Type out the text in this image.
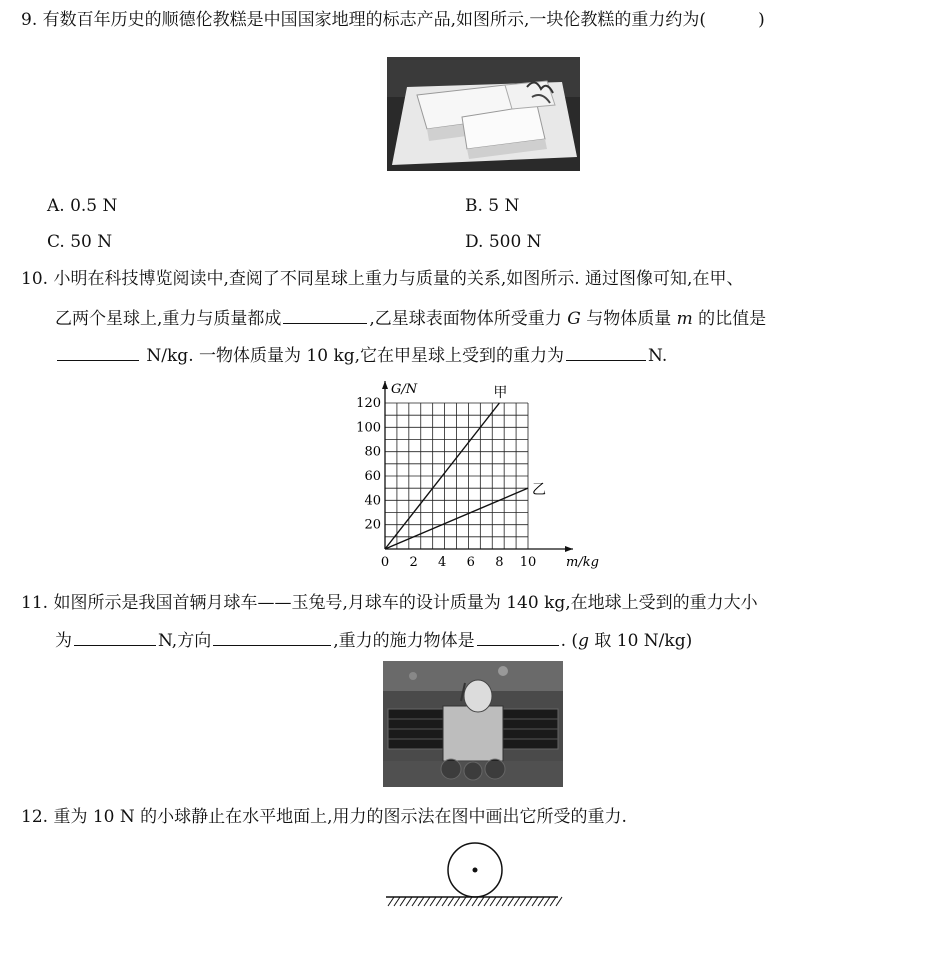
9. 有数百年历史的顺德伦教糕是中国国家地理的标志产品,如图所示,一块伦教糕的重力约为(	)
A. 0.5 N	B. 5 N
C. 50 N	D. 500 N
10. 小明在科技博览阅读中,查阅了不同星球上重力与质量的关系,如图所示. 通过图像可知,在甲、
乙两个星球上,重力与质量都成	,乙星球表面物体所受重力 G 与物体质量 m 的比值是
N/kg. 一物体质量为 10 kg,它在甲星球上受到的重力为	N.
0 2 4 6 8 10
20
40
60
80
100
120
甲
乙
G/N
m/kg
11. 如图所示是我国首辆月球车——玉兔号,月球车的设计质量为 140 kg,在地球上受到的重力大小
为	N,方向	,重力的施力物体是	. (g 取 10 N/kg)
12. 重为 10 N 的小球静止在水平地面上,用力的图示法在图中画出它所受的重力.
